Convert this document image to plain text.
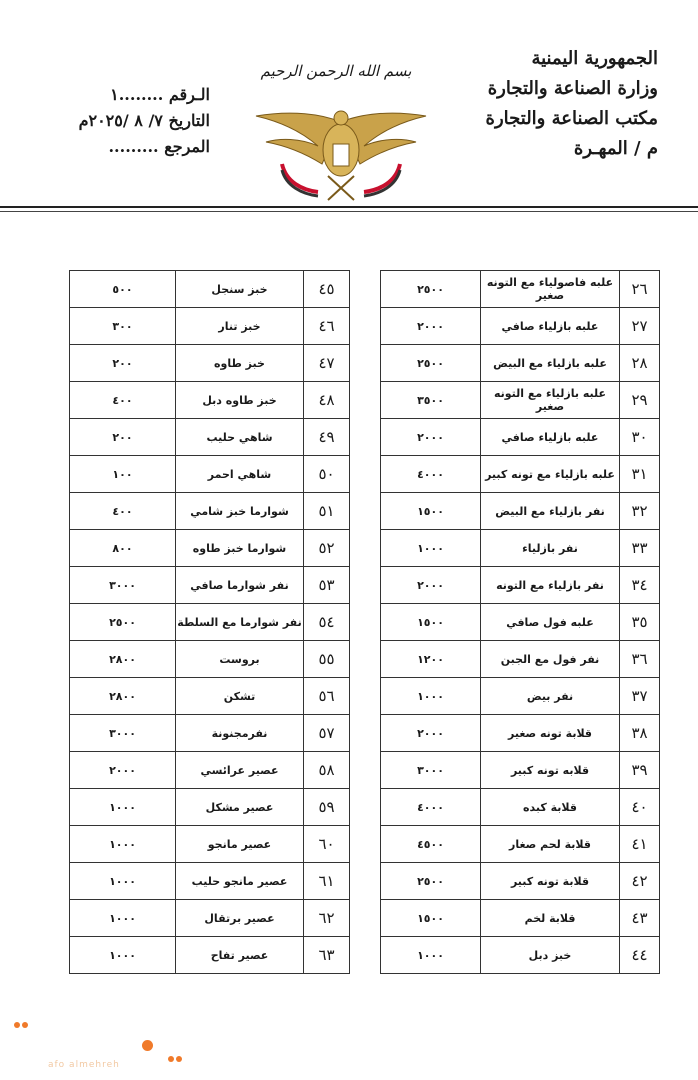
الجمهورية اليمنية
وزارة الصناعة والتجارة
مكتب الصناعة والتجارة
م / المهـرة
بسم الله الرحمن الرحيم
الـرقم ........١
التاريخ ٧/ ٨ /٢٠٢٥م
المرجع .........
٢٦	علبه فاصولياء مع التونه صغير	٢٥٠٠
٢٧	علبه بازلياء صافي	٢٠٠٠
٢٨	علبه بازلياء مع البيض	٢٥٠٠
٢٩	علبه بازلياء مع التونه صغير	٣٥٠٠
٣٠	علبه بازلياء صافي	٢٠٠٠
٣١	علبه بازلياء مع تونه كبير	٤٠٠٠
٣٢	نفر بازلياء مع البيض	١٥٠٠
٣٣	نفر بازلياء	١٠٠٠
٣٤	نفر بازلياء مع التونه	٢٠٠٠
٣٥	علبه فول صافي	١٥٠٠
٣٦	نفر فول مع الجبن	١٢٠٠
٣٧	نفر بيض	١٠٠٠
٣٨	قلابة تونه صغير	٢٠٠٠
٣٩	قلابه تونه كبير	٣٠٠٠
٤٠	قلابة كبده	٤٠٠٠
٤١	قلابة لحم صغار	٤٥٠٠
٤٢	قلابة تونه كبير	٢٥٠٠
٤٣	قلابة لخم	١٥٠٠
٤٤	خبز دبل	١٠٠٠
٤٥	خبز سنجل	٥٠٠
٤٦	خبز تنار	٣٠٠
٤٧	خبز طاوه	٢٠٠
٤٨	خبز طاوه دبل	٤٠٠
٤٩	شاهي حليب	٢٠٠
٥٠	شاهي احمر	١٠٠
٥١	شوارما خبز شامي	٤٠٠
٥٢	شوارما خبز طاوه	٨٠٠
٥٣	نفر شوارما صافي	٣٠٠٠
٥٤	نفر شوارما مع السلطة	٢٥٠٠
٥٥	بروست	٢٨٠٠
٥٦	تشكن	٢٨٠٠
٥٧	نفرمجنونة	٣٠٠٠
٥٨	عصير عرائسي	٢٠٠٠
٥٩	عصير مشكل	١٠٠٠
٦٠	عصير مانجو	١٠٠٠
٦١	عصير مانجو حليب	١٠٠٠
٦٢	عصير برتقال	١٠٠٠
٦٣	عصير تفاح	١٠٠٠
afo almehreh
